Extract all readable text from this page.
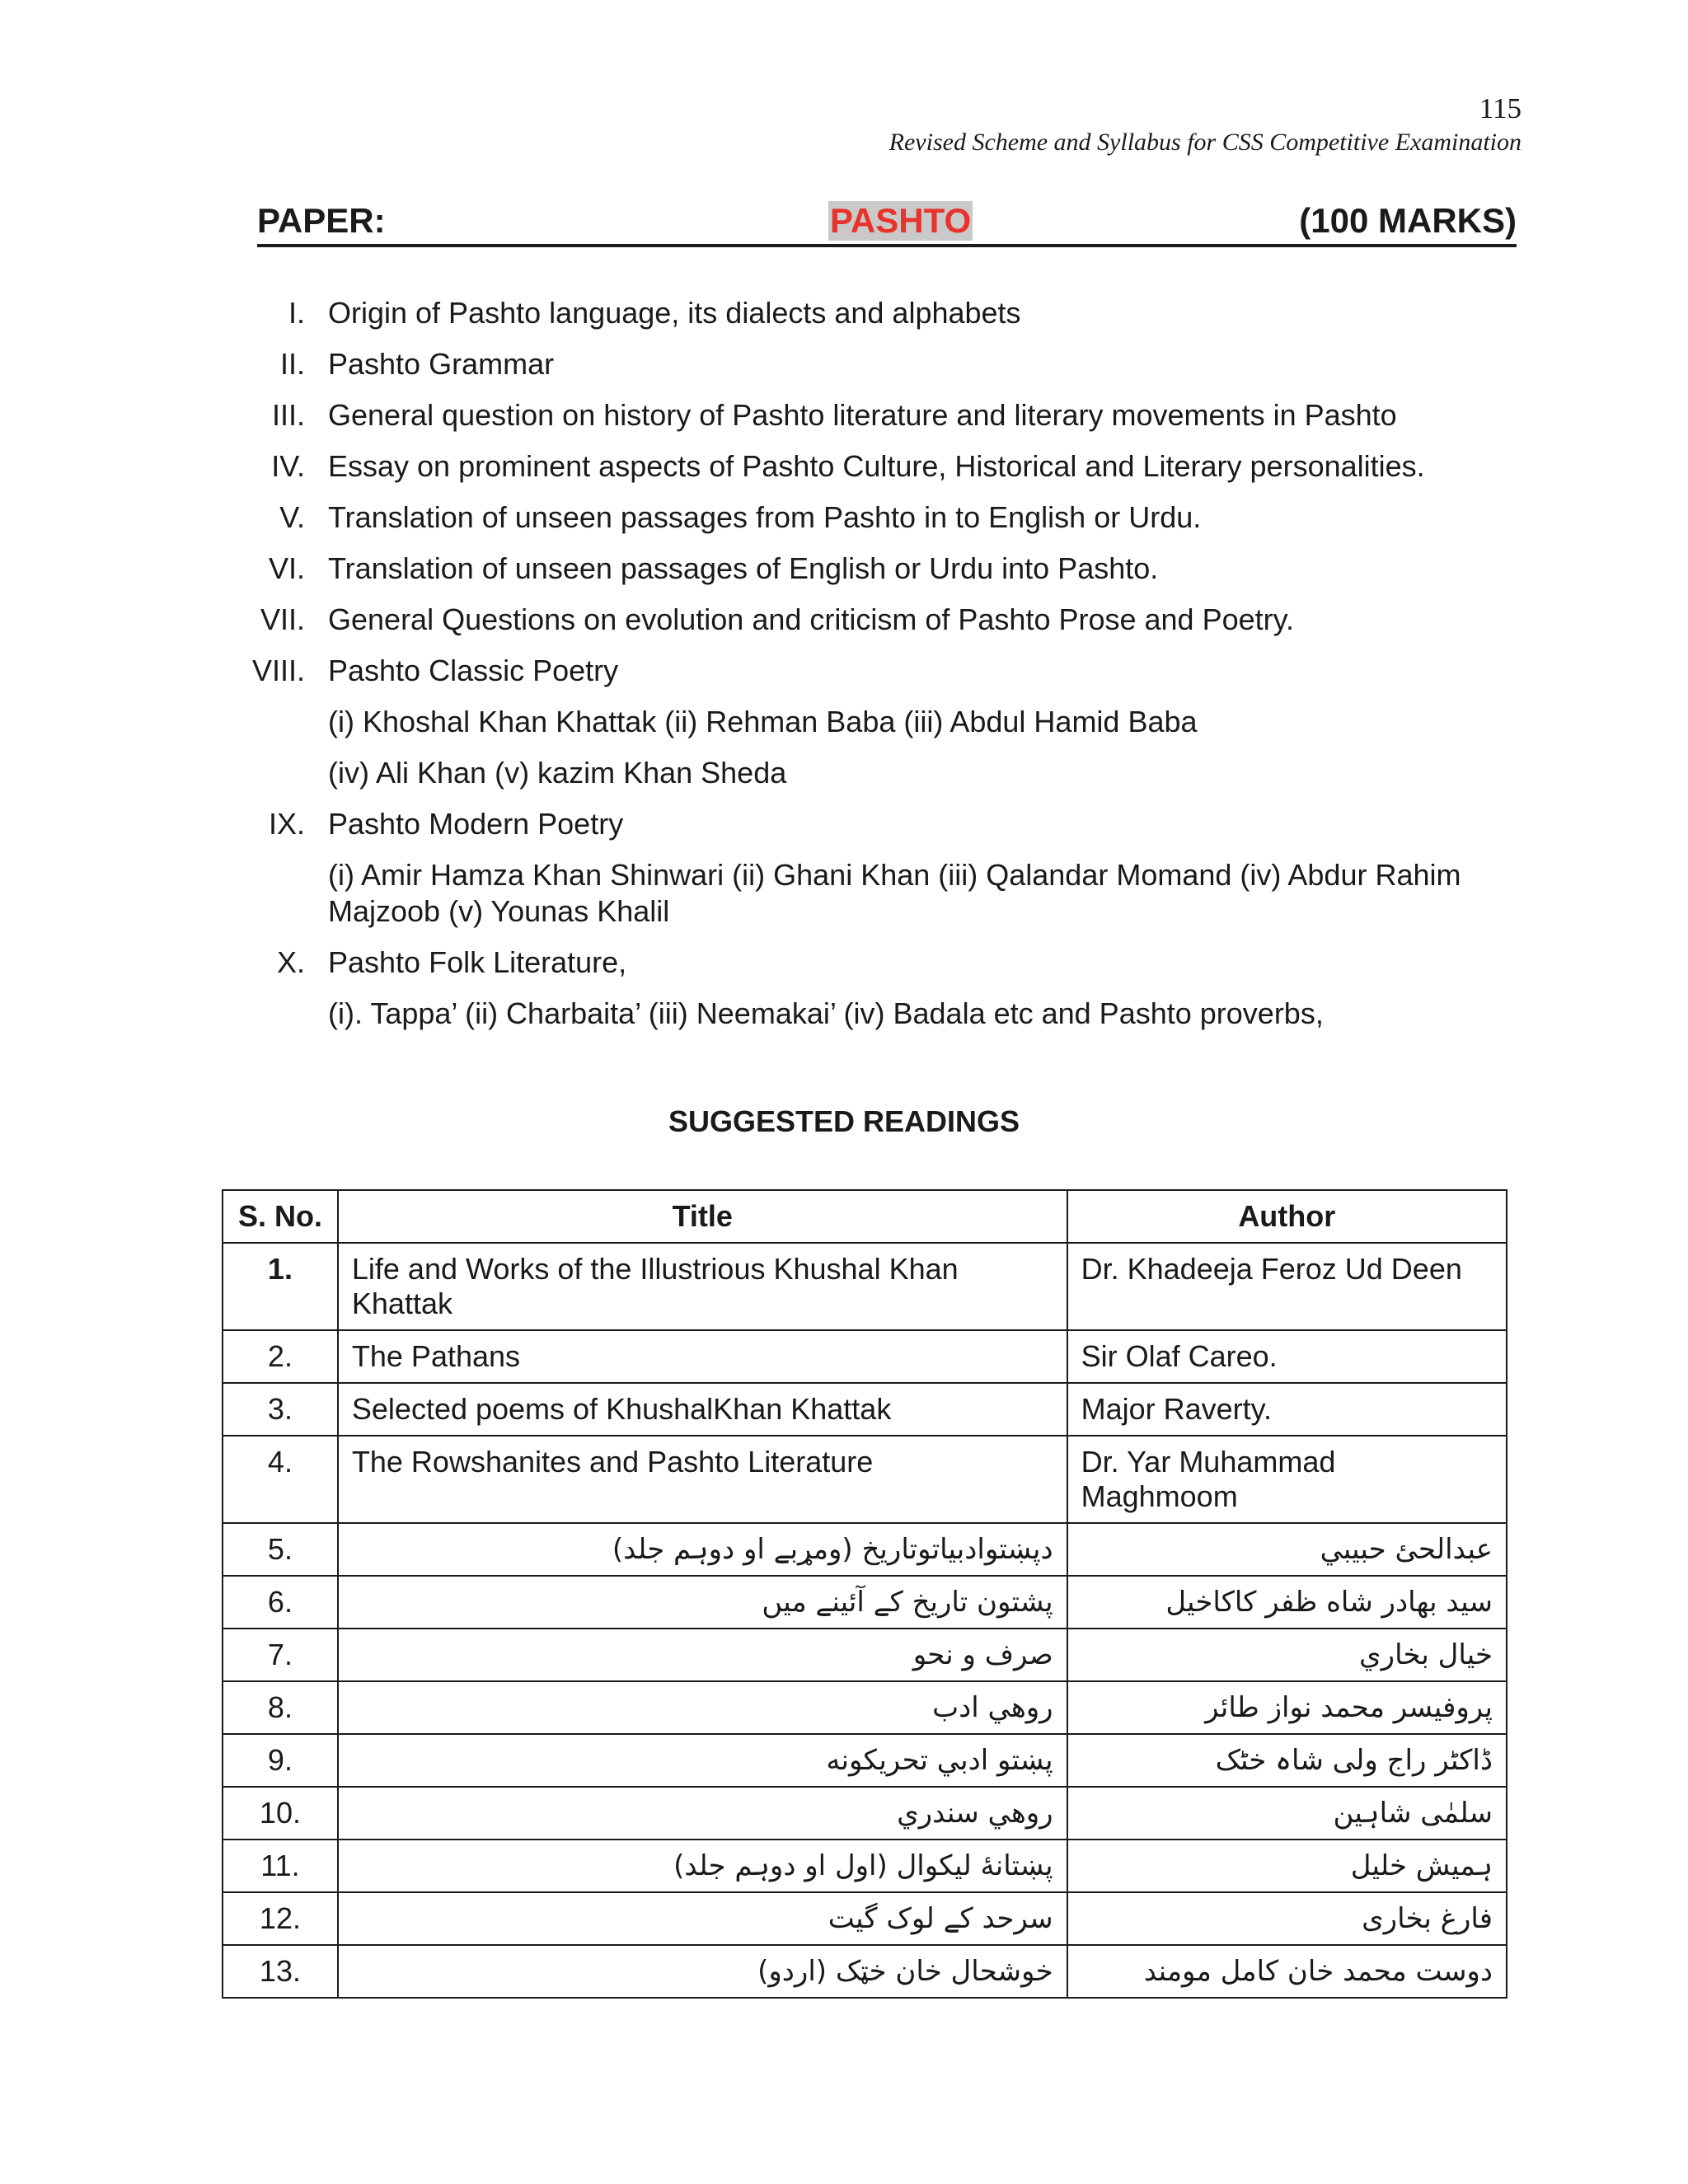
115
Revised Scheme and Syllabus for CSS Competitive Examination
PAPER:	PASHTO	(100 MARKS)
I. Origin of Pashto language, its dialects and alphabets
II. Pashto Grammar
III. General question on history of Pashto literature and literary movements in Pashto
IV. Essay on prominent aspects of Pashto Culture, Historical and Literary personalities.
V. Translation of unseen passages from Pashto in to English or Urdu.
VI. Translation of unseen passages of English or Urdu into Pashto.
VII. General Questions on evolution and criticism of Pashto Prose and Poetry.
VIII. Pashto Classic Poetry
(i) Khoshal Khan Khattak (ii) Rehman Baba (iii) Abdul Hamid Baba
(iv) Ali Khan (v) kazim Khan Sheda
IX. Pashto Modern Poetry
(i) Amir Hamza Khan Shinwari (ii) Ghani Khan (iii) Qalandar Momand (iv) Abdur Rahim Majzoob (v) Younas Khalil
X. Pashto Folk Literature,
(i). Tappa’ (ii) Charbaita’ (iii) Neemakai’ (iv) Badala etc and Pashto proverbs,
SUGGESTED READINGS
S. No.	Title	Author
1.	Life and Works of the Illustrious Khushal Khan Khattak	Dr. Khadeeja Feroz Ud Deen
2.	The Pathans	Sir Olaf Careo.
3.	Selected poems of KhushalKhan Khattak	Major Raverty.
4.	The Rowshanites and Pashto Literature	Dr. Yar Muhammad Maghmoom
5.	دپښتوادبیاتوتاریخ (ومړبے او دوہم جلد)	عبدالحئ حبيبي
6.	پشتون تاریخ کے آئینے میں	سید بهادر شاه ظفر کاکاخیل
7.	صرف و نحو	خيال بخاري
8.	روهي ادب	پروفیسر محمد نواز طائر
9.	پښتو ادبي تحريکونه	ڈاکٹر راج ولی شاہ خٹک
10.	روهي سندري	سلمٰی شاہین
11.	پښتانۀ لیکوال (اول او دوہم جلد)	ہمیش خلیل
12.	سرحد کے لوک گیت	فارغ بخاری
13.	خوشحال خان خټک (اردو)	دوست محمد خان کامل مومند
